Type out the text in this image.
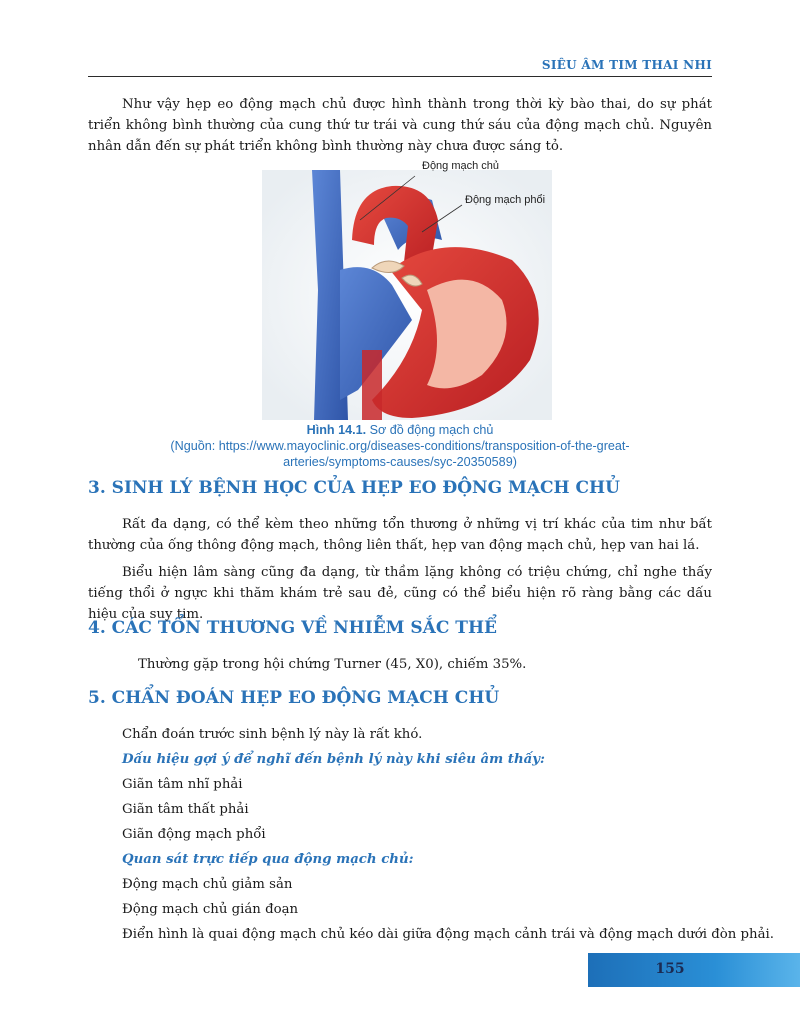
SIÊU ÂM TIM THAI NHI

Như vậy hẹp eo động mạch chủ được hình thành trong thời kỳ bào thai, do sự phát triển không bình thường của cung thứ tư trái và cung thứ sáu của động mạch chủ. Nguyên nhân dẫn đến sự phát triển không bình thường này chưa được sáng tỏ.

Động mạch chủ
Động mạch phổi
Hình 14.1. Sơ đồ động mạch chủ
(Nguồn: https://www.mayoclinic.org/diseases-conditions/transposition-of-the-great-
arteries/symptoms-causes/syc-20350589)
3. SINH LÝ BỆNH HỌC CỦA HẸP EO ĐỘNG MẠCH CHỦ

Rất đa dạng, có thể kèm theo những tổn thương ở những vị trí khác của tim như bất thường của ống thông động mạch, thông liên thất, hẹp van động mạch chủ, hẹp van hai lá.

Biểu hiện lâm sàng cũng đa dạng, từ thầm lặng không có triệu chứng, chỉ nghe thấy tiếng thổi ở ngực khi thăm khám trẻ sau đẻ, cũng có thể biểu hiện rõ ràng bằng các dấu hiệu của suy tim.

4. CÁC TỔN THƯƠNG VỀ NHIỄM SẮC THỂ

Thường gặp trong hội chứng Turner (45, X0), chiếm 35%.

5. CHẨN ĐOÁN HẸP EO ĐỘNG MẠCH CHỦ

Chẩn đoán trước sinh bệnh lý này là rất khó.

Dấu hiệu gợi ý để nghĩ đến bệnh lý này khi siêu âm thấy:

Giãn tâm nhĩ phải

Giãn tâm thất phải

Giãn động mạch phổi

Quan sát trực tiếp qua động mạch chủ:

Động mạch chủ giảm sản

Động mạch chủ gián đoạn

Điển hình là quai động mạch chủ kéo dài giữa động mạch cảnh trái và động mạch dưới đòn phải.

155
